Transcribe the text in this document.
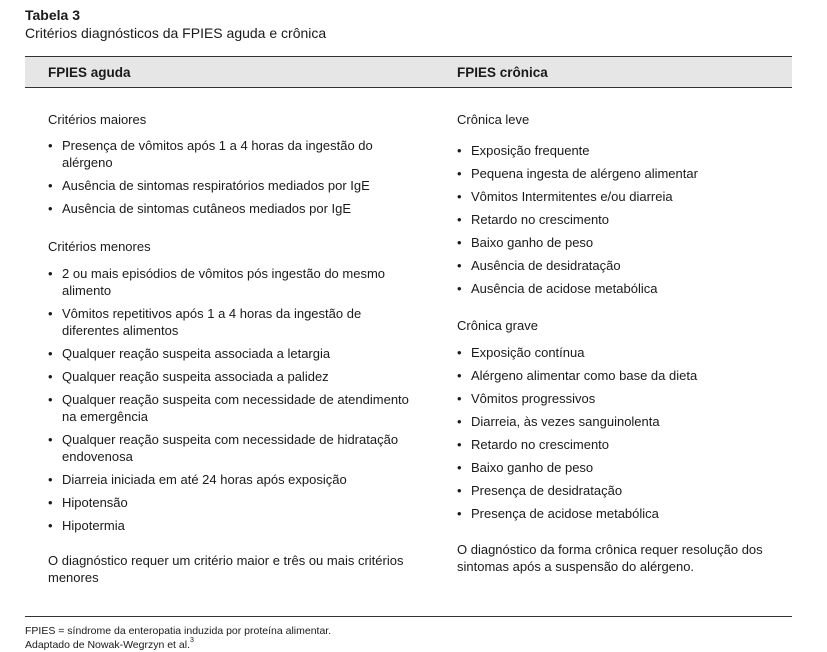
Tabela 3
Critérios diagnósticos da FPIES aguda e crônica
FPIES aguda	FPIES crônica

Critérios maiores

• Presença de vômitos após 1 a 4 horas da ingestão do alérgeno
• Ausência de sintomas respiratórios mediados por IgE
• Ausência de sintomas cutâneos mediados por IgE

Critérios menores

• 2 ou mais episódios de vômitos pós ingestão do mesmo alimento
• Vômitos repetitivos após 1 a 4 horas da ingestão de diferentes alimentos
• Qualquer reação suspeita associada a letargia
• Qualquer reação suspeita associada a palidez
• Qualquer reação suspeita com necessidade de atendimento na emergência
• Qualquer reação suspeita com necessidade de hidratação endovenosa
• Diarreia iniciada em até 24 horas após exposição
• Hipotensão
• Hipotermia

O diagnóstico requer um critério maior e três ou mais critérios menores

Crônica leve

• Exposição frequente
• Pequena ingesta de alérgeno alimentar
• Vômitos Intermitentes e/ou diarreia
• Retardo no crescimento
• Baixo ganho de peso
• Ausência de desidratação
• Ausência de acidose metabólica

Crônica grave

• Exposição contínua
• Alérgeno alimentar como base da dieta
• Vômitos progressivos
• Diarreia, às vezes sanguinolenta
• Retardo no crescimento
• Baixo ganho de peso
• Presença de desidratação
• Presença de acidose metabólica

O diagnóstico da forma crônica requer resolução dos sintomas após a suspensão do alérgeno.

FPIES = síndrome da enteropatia induzida por proteína alimentar.
Adaptado de Nowak-Wegrzyn et al.$^3$
